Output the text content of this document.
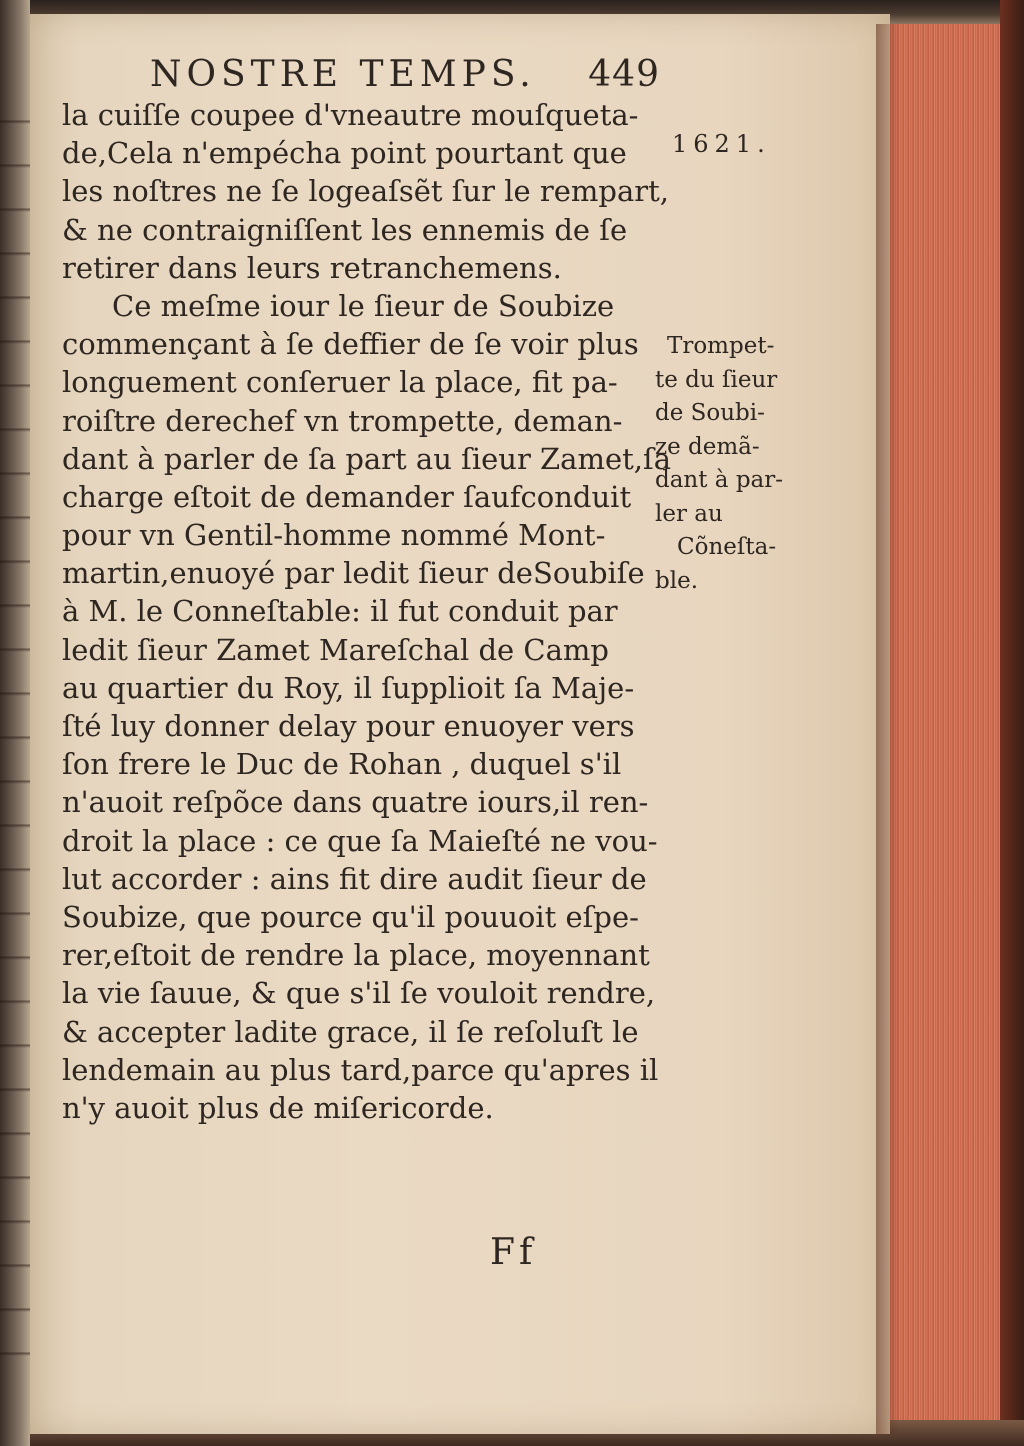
NOSTRE TEMPS. 449
1621.
la cuiſſe coupee d'vneautre mouſqueta-
de,Cela n'empécha point pourtant que
les noſtres ne ſe logeaſsẽt ſur le rempart,
& ne contraigniſſent les ennemis de ſe
retirer dans leurs retranchemens.
Ce meſme iour le ſieur de Soubize
commençant à ſe deffier de ſe voir plus
longuement conſeruer la place, fit pa-
roiſtre derechef vn trompette, deman-
dant à parler de ſa part au ſieur Zamet,ſa
charge eſtoit de demander ſaufconduit
pour vn Gentil-homme nommé Mont-
martin,enuoyé par ledit ſieur deSoubiſe
à M. le Conneſtable: il fut conduit par
ledit ſieur Zamet Mareſchal de Camp
au quartier du Roy, il ſupplioit ſa Maje-
ſté luy donner delay pour enuoyer vers
ſon frere le Duc de Rohan , duquel s'il
n'auoit reſpõce dans quatre iours,il ren-
droit la place : ce que ſa Maieſté ne vou-
lut accorder : ains fit dire audit ſieur de
Soubize, que pource qu'il pouuoit eſpe-
rer,eſtoit de rendre la place, moyennant
la vie ſauue, & que s'il ſe vouloit rendre,
& accepter ladite grace, il ſe reſoluſt le
lendemain au plus tard,parce qu'apres il
n'y auoit plus de miſericorde.
Trompet-
te du ſieur
de Soubi-
ze demã-
dant à par-
ler au
Cõneſta-
ble.
Ff
